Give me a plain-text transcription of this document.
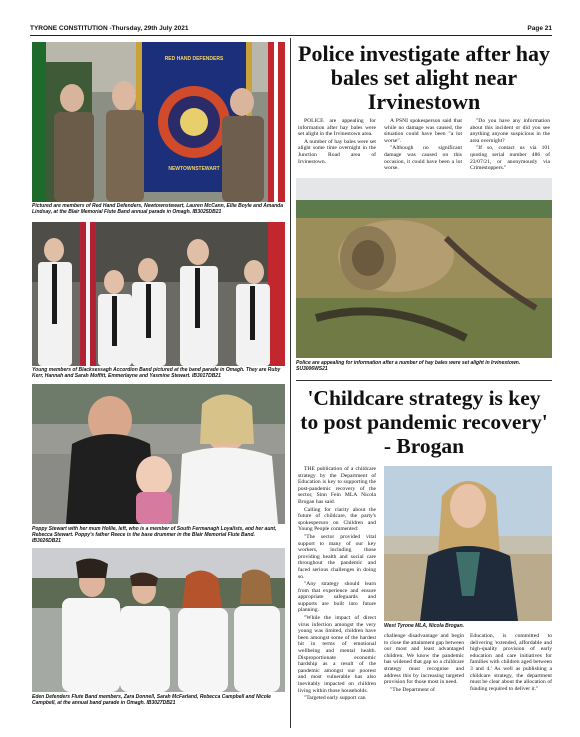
TYRONE CONSTITUTION -Thursday, 29th July 2021	Page 21
RED HAND DEFENDERS
NEWTOWNSTEWART
Pictured are members of Red Hand Defenders, Newtownstewart, Lauren McCann, Ellie Boyle and Amanda Lindsay, at the Blair Memorial Flute Band annual parade in Omagh. IB3025DB21
Young members of Blacksessagh Accordion Band pictured at the band parade in Omagh. They are Ruby Kerr, Hannah and Sarah Moffitt, Emmerlayne and Yasmine Stewart. IB3017DB21
Poppy Stewart with her mum Hollie, left, who is a member of South Fermanagh Loyalists, and her aunt, Rebecca Stewart. Poppy's father Reece is the base drummer in the Blair Memorial Flute Band. IB3026DB21
Eden Defenders Flute Band members, Zara Donnell, Sarah McFarland, Rebecca Campbell and Nicole Campbell, at the annual band parade in Omagh. IB3027DB21
Police investigate after hay bales set alight near Irvinestown

POLICE are appealing for information after hay bales were set alight in the Irvinestown area.

A number of hay bales were set alight some time overnight in the Junction Road area of Irvinestown.

A PSNI spokesperson said that while no damage was caused, the situation could have been "a lot worse".

"Although no significant damage was caused on this occasion, it could have been a lot worse.

"Do you have any information about this incident or did you see anything anyone suspicious in the area overnight?

"If so, contact us via 101 quoting serial number 486 of 23/07/21, or anonymously via Crimestoppers."

Police are appealing for information after a number of hay bales were set alight in Irvinestown. SU3006WS21
'Childcare strategy is key to post pandemic recovery' - Brogan

THE publication of a childcare strategy by the Department of Education is key to supporting the post-pandemic recovery of the sector, Sinn Fein MLA Nicola Brogan has said.

Calling for clarity about the future of childcare, the party's spokesperson on Children and Young People commented:

"The sector provided vital support to many of our key workers, including those providing health and social care throughout the pandemic and faced serious challenges in doing so.

"Any strategy should learn from that experience and ensure appropriate safeguards and supports are built into future planning.

"While the impact of direct virus infection amongst the very young was limited, children have been amongst some of the hardest hit in terms of emotional wellbeing and mental health. Disproportionate economic hardship as a result of the pandemic amongst our poorest and most vulnerable has also inevitably impacted on children living within those households.

"Targeted early support can

West Tyrone MLA, Nicola Brogan.

challenge disadvantage and begin to close the attainment gap between our most and least advantaged children. We know the pandemic has widened that gap so a childcare strategy must recognise and address this by increasing targeted provision for those most in need.

"The Department of

Education, is committed to delivering 'extended, affordable and high-quality provision of early education and care initiatives for families with children aged between 3 and 4.' As well as publishing a childcare strategy, the department must be clear about the allocation of funding required to deliver it."
